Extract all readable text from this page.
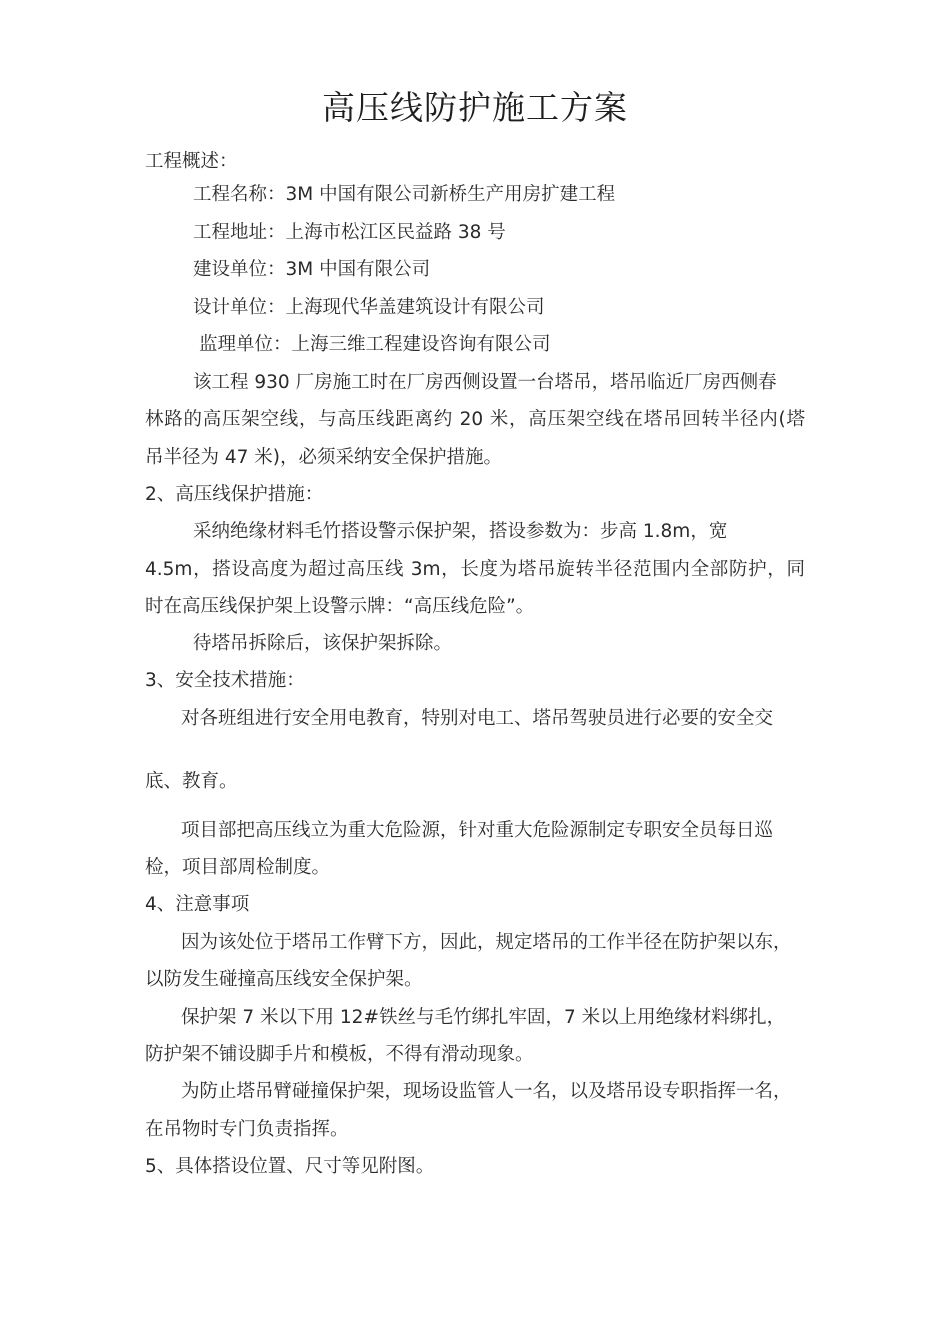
高压线防护施工方案
工程概述：
工程名称：3M 中国有限公司新桥生产用房扩建工程
工程地址：上海市松江区民益路 38 号
建设单位：3M 中国有限公司
设计单位：上海现代华盖建筑设计有限公司
监理单位：上海三维工程建设咨询有限公司
该工程 930 厂房施工时在厂房西侧设置一台塔吊，塔吊临近厂房西侧春
林路的高压架空线，与高压线距离约 20 米，高压架空线在塔吊回转半径内(塔
吊半径为 47 米)，必须采纳安全保护措施。
2、高压线保护措施：
采纳绝缘材料毛竹搭设警示保护架，搭设参数为：步高 1.8m，宽
4.5m，搭设高度为超过高压线 3m，长度为塔吊旋转半径范围内全部防护，同
时在高压线保护架上设警示牌：“高压线危险”。
待塔吊拆除后，该保护架拆除。
3、安全技术措施：
对各班组进行安全用电教育，特别对电工、塔吊驾驶员进行必要的安全交
底、教育。
项目部把高压线立为重大危险源，针对重大危险源制定专职安全员每日巡
检，项目部周检制度。
4、注意事项
因为该处位于塔吊工作臂下方，因此，规定塔吊的工作半径在防护架以东，
以防发生碰撞高压线安全保护架。
保护架 7 米以下用 12#铁丝与毛竹绑扎牢固，7 米以上用绝缘材料绑扎，
防护架不铺设脚手片和模板，不得有滑动现象。
为防止塔吊臂碰撞保护架，现场设监管人一名，以及塔吊设专职指挥一名，
在吊物时专门负责指挥。
5、具体搭设位置、尺寸等见附图。
